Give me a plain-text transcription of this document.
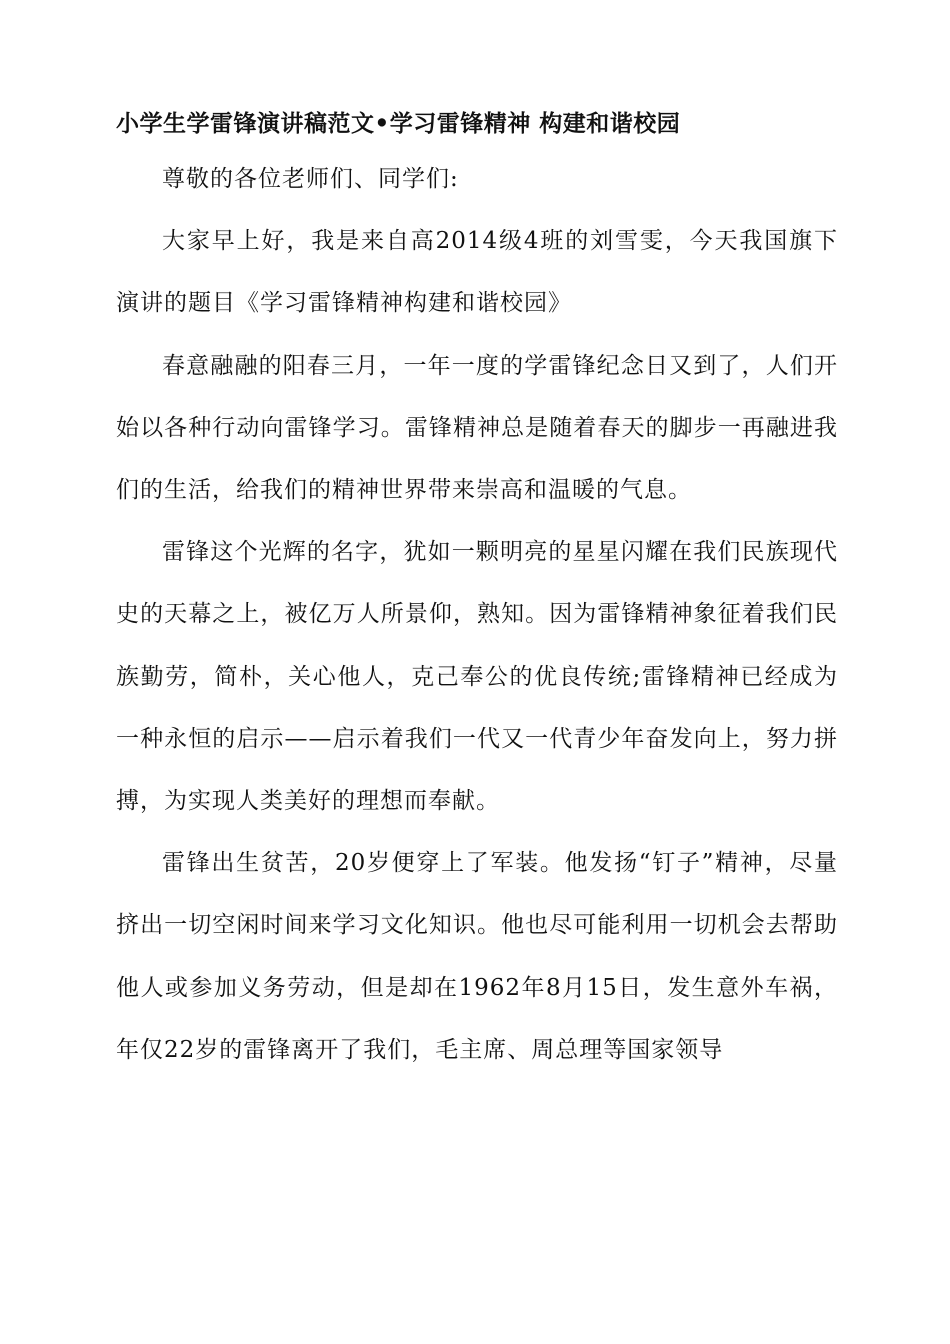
小学生学雷锋演讲稿范文•学习雷锋精神 构建和谐校园

尊敬的各位老师们、同学们:

大家早上好，我是来自高2014级4班的刘雪雯，今天我国旗下演讲的题目《学习雷锋精神构建和谐校园》

春意融融的阳春三月，一年一度的学雷锋纪念日又到了，人们开始以各种行动向雷锋学习。雷锋精神总是随着春天的脚步一再融进我们的生活，给我们的精神世界带来崇高和温暖的气息。

雷锋这个光辉的名字，犹如一颗明亮的星星闪耀在我们民族现代史的天幕之上，被亿万人所景仰，熟知。因为雷锋精神象征着我们民族勤劳，简朴，关心他人，克己奉公的优良传统;雷锋精神已经成为一种永恒的启示——启示着我们一代又一代青少年奋发向上，努力拼搏，为实现人类美好的理想而奉献。

雷锋出生贫苦，20岁便穿上了军装。他发扬“钉子”精神，尽量挤出一切空闲时间来学习文化知识。他也尽可能利用一切机会去帮助他人或参加义务劳动，但是却在1962年8月15日，发生意外车祸，年仅22岁的雷锋离开了我们，毛主席、周总理等国家领导
